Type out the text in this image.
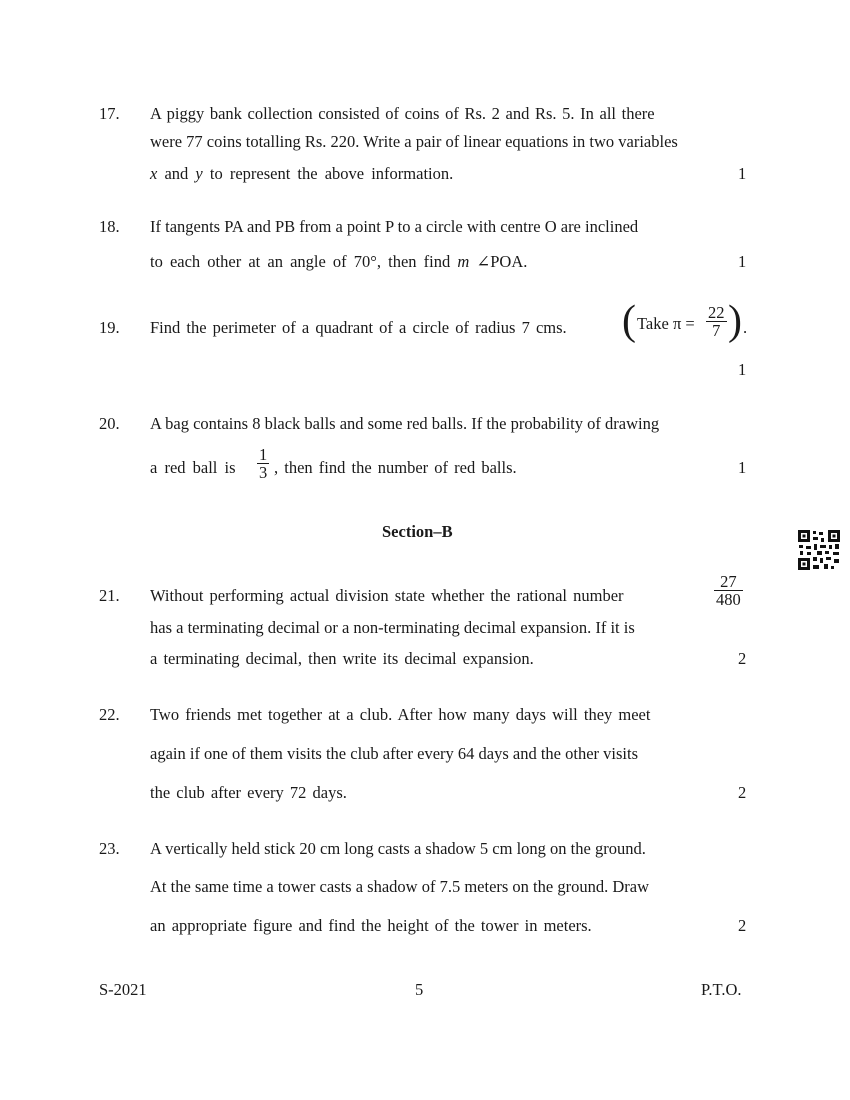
17. A piggy bank collection consisted of coins of Rs. 2 and Rs. 5. In all there
were 77 coins totalling Rs. 220. Write a pair of linear equations in two variables
x and y to represent the above information.	1
18. If tangents PA and PB from a point P to a circle with centre O are inclined
to each other at an angle of 70°, then find m ∠POA.	1
19. Find the perimeter of a quadrant of a circle of radius 7 cms. ( Take $\pi = \frac{22}{7}$ ) .
1
20. A bag contains 8 black balls and some red balls. If the probability of drawing
a red ball is $\frac{1}{3}$ , then find the number of red balls.	1
Section–B
21. Without performing actual division state whether the rational number	$\frac{27}{480}$
has a terminating decimal or a non-terminating decimal expansion. If it is
a terminating decimal, then write its decimal expansion.	2
22. Two friends met together at a club. After how many days will they meet
again if one of them visits the club after every 64 days and the other visits
the club after every 72 days.	2
23. A vertically held stick 20 cm long casts a shadow 5 cm long on the ground.
At the same time a tower casts a shadow of 7.5 meters on the ground. Draw
an appropriate figure and find the height of the tower in meters.	2
S-2021	5	P.T.O.
